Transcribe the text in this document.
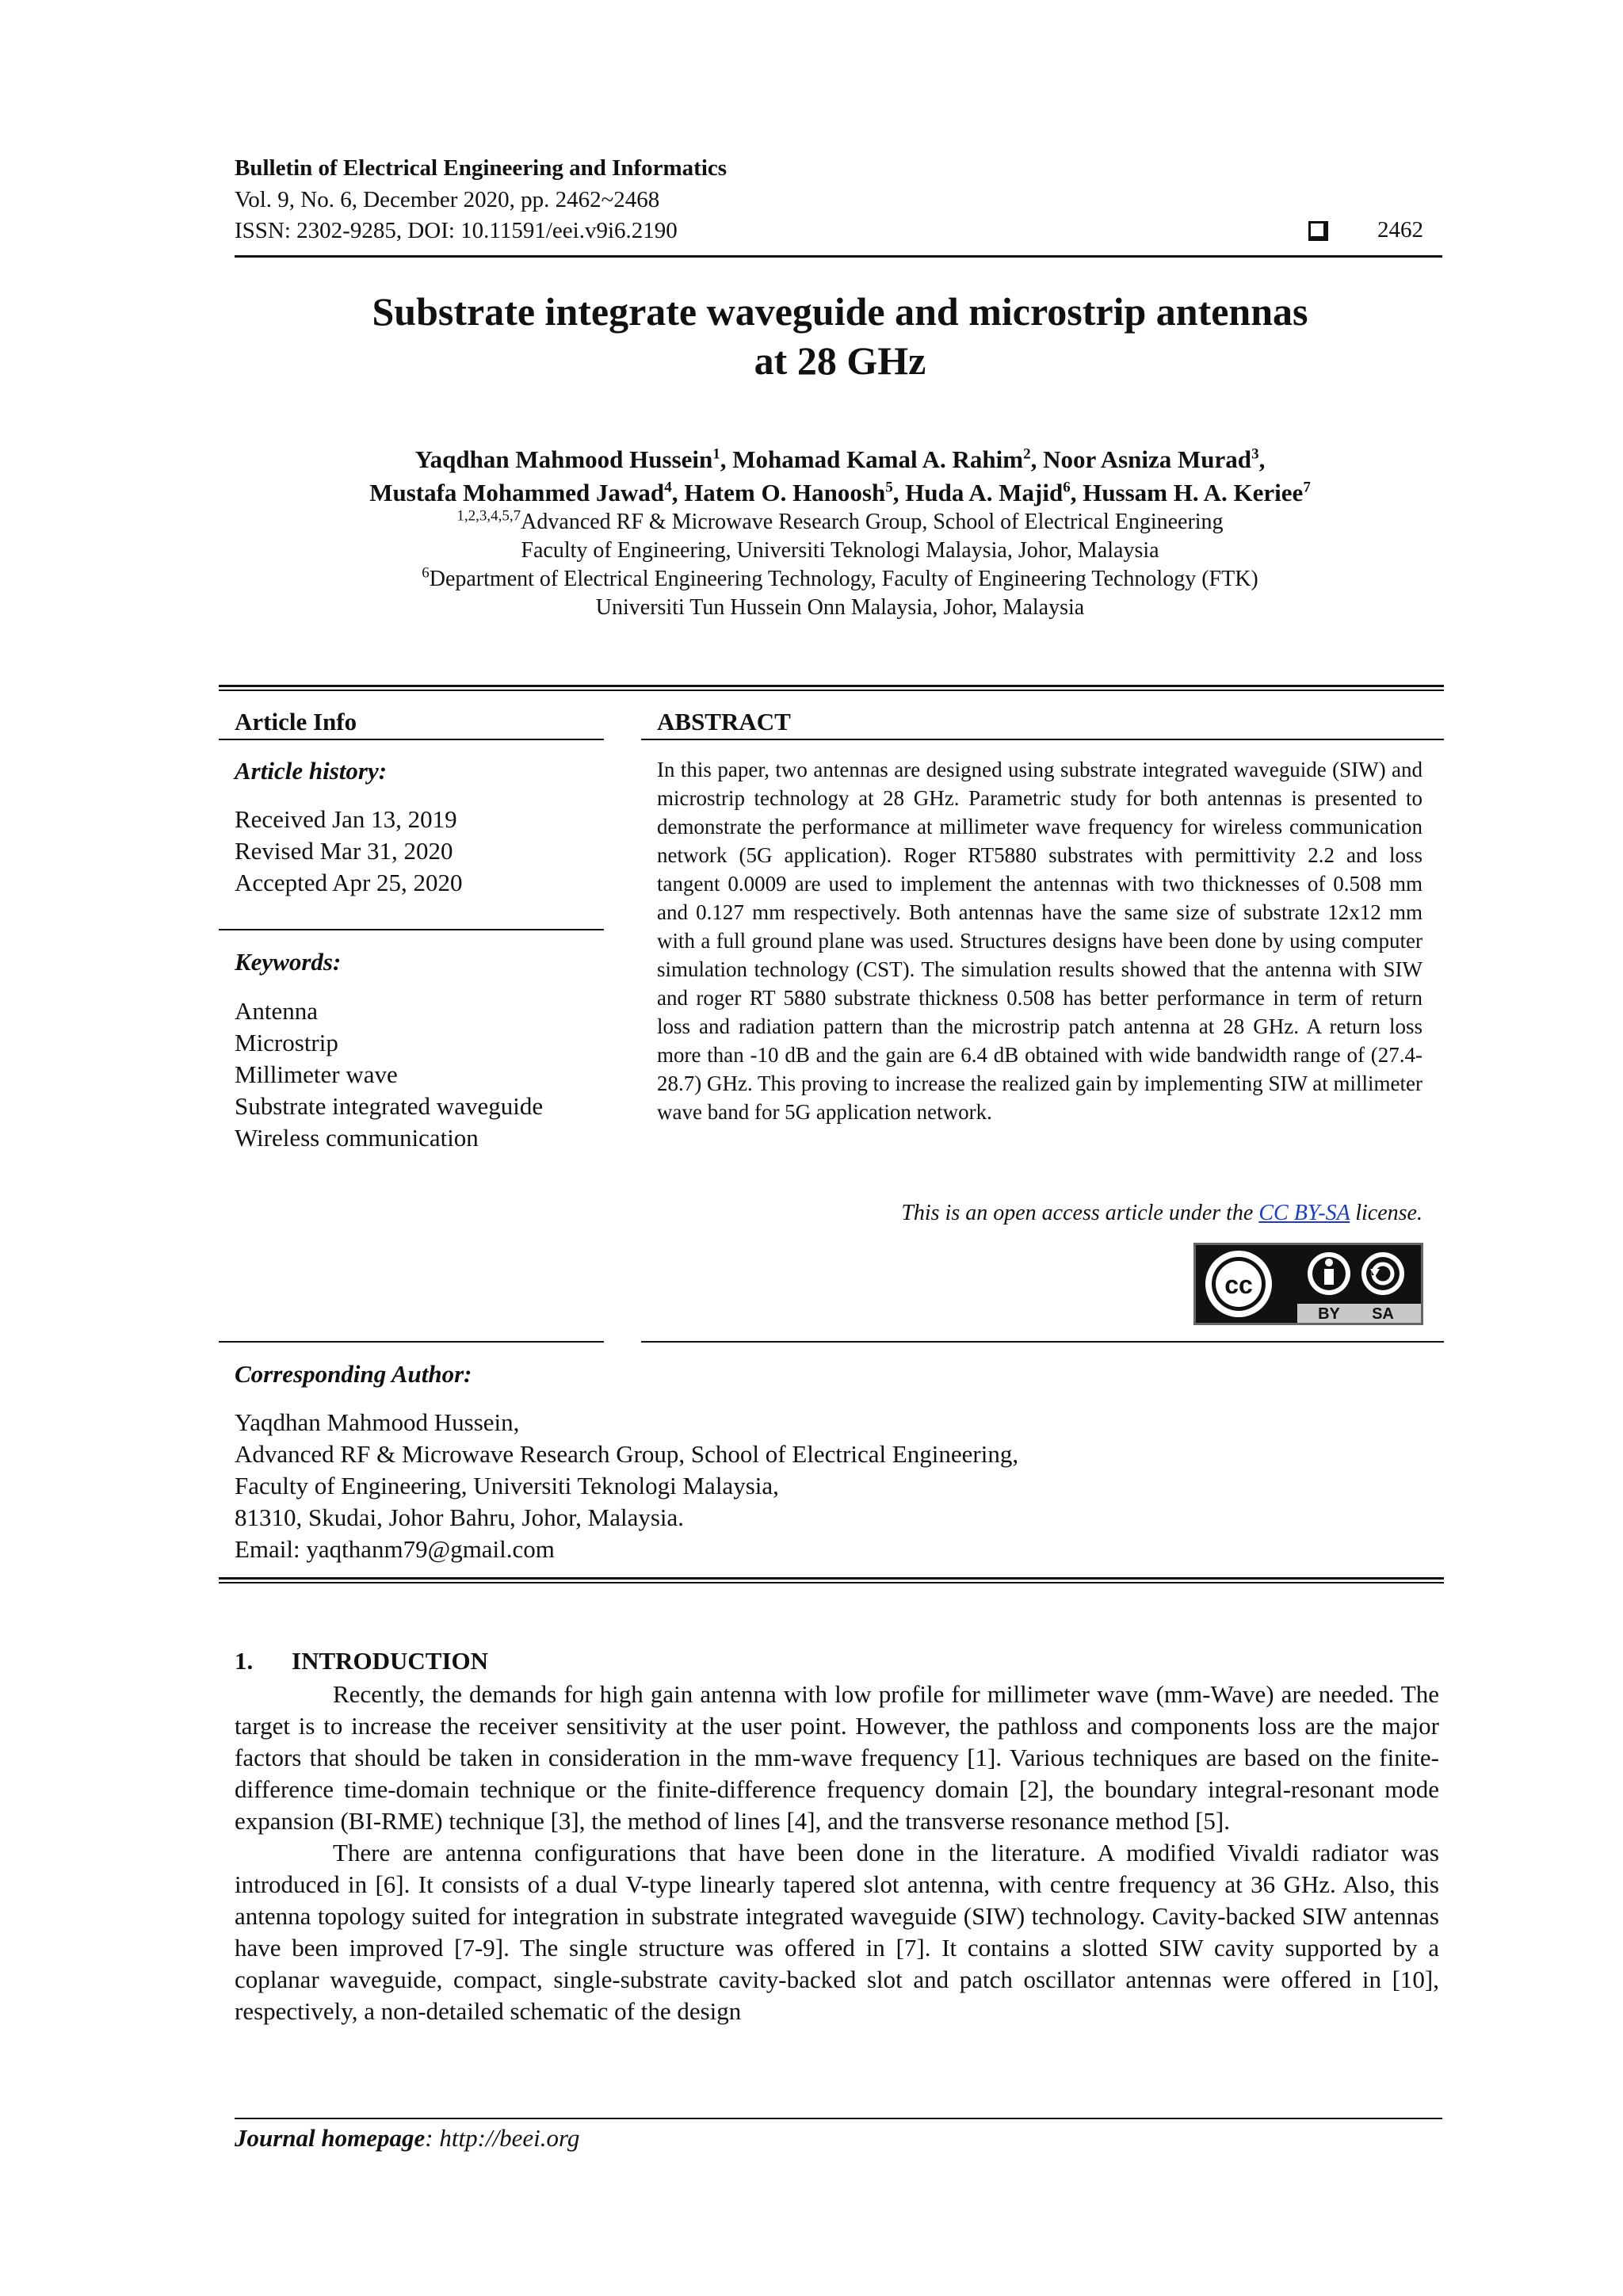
Bulletin of Electrical Engineering and Informatics
Vol. 9, No. 6, December 2020, pp. 2462~2468
ISSN: 2302-9285, DOI: 10.11591/eei.v9i6.2190	2462
Substrate integrate waveguide and microstrip antennas
at 28 GHz
Yaqdhan Mahmood Hussein$^1$, Mohamad Kamal A. Rahim$^2$, Noor Asniza Murad$^3$,
Mustafa Mohammed Jawad$^4$, Hatem O. Hanoosh$^5$, Huda A. Majid$^6$, Hussam H. A. Keriee$^7$
$^{1,2,3,4,5,7}$Advanced RF & Microwave Research Group, School of Electrical Engineering
Faculty of Engineering, Universiti Teknologi Malaysia, Johor, Malaysia
$^6$Department of Electrical Engineering Technology, Faculty of Engineering Technology (FTK)
Universiti Tun Hussein Onn Malaysia, Johor, Malaysia
Article Info
Article history:
Received Jan 13, 2019
Revised Mar 31, 2020
Accepted Apr 25, 2020
Keywords:
Antenna
Microstrip
Millimeter wave
Substrate integrated waveguide
Wireless communication
ABSTRACT

In this paper, two antennas are designed using substrate integrated waveguide (SIW) and microstrip technology at 28 GHz. Parametric study for both antennas is presented to demonstrate the performance at millimeter wave frequency for wireless communication network (5G application). Roger RT5880 substrates with permittivity 2.2 and loss tangent 0.0009 are used to implement the antennas with two thicknesses of 0.508 mm and 0.127 mm respectively. Both antennas have the same size of substrate 12x12 mm with a full ground plane was used. Structures designs have been done by using computer simulation technology (CST). The simulation results showed that the antenna with SIW and roger RT 5880 substrate thickness 0.508 has better performance in term of return loss and radiation pattern than the microstrip patch antenna at 28 GHz. A return loss more than -10 dB and the gain are 6.4 dB obtained with wide bandwidth range of (27.4-28.7) GHz. This proving to increase the realized gain by implementing SIW at millimeter wave band for 5G application network.

This is an open access article under the CC BY-SA license.
cc
BY SA
Corresponding Author:
Yaqdhan Mahmood Hussein,
Advanced RF & Microwave Research Group, School of Electrical Engineering,
Faculty of Engineering, Universiti Teknologi Malaysia,
81310, Skudai, Johor Bahru, Johor, Malaysia.
Email: yaqthanm79@gmail.com
1. INTRODUCTION

Recently, the demands for high gain antenna with low profile for millimeter wave (mm-Wave) are needed. The target is to increase the receiver sensitivity at the user point. However, the pathloss and components loss are the major factors that should be taken in consideration in the mm-wave frequency [1]. Various techniques are based on the finite-difference time-domain technique or the finite-difference frequency domain [2], the boundary integral-resonant mode expansion (BI-RME) technique [3], the method of lines [4], and the transverse resonance method [5].

There are antenna configurations that have been done in the literature. A modified Vivaldi radiator was introduced in [6]. It consists of a dual V-type linearly tapered slot antenna, with centre frequency at 36 GHz. Also, this antenna topology suited for integration in substrate integrated waveguide (SIW) technology. Cavity-backed SIW antennas have been improved [7-9]. The single structure was offered in [7]. It contains a slotted SIW cavity supported by a coplanar waveguide, compact, single-substrate cavity-backed slot and patch oscillator antennas were offered in [10], respectively, a non-detailed schematic of the design

Journal homepage: http://beei.org
